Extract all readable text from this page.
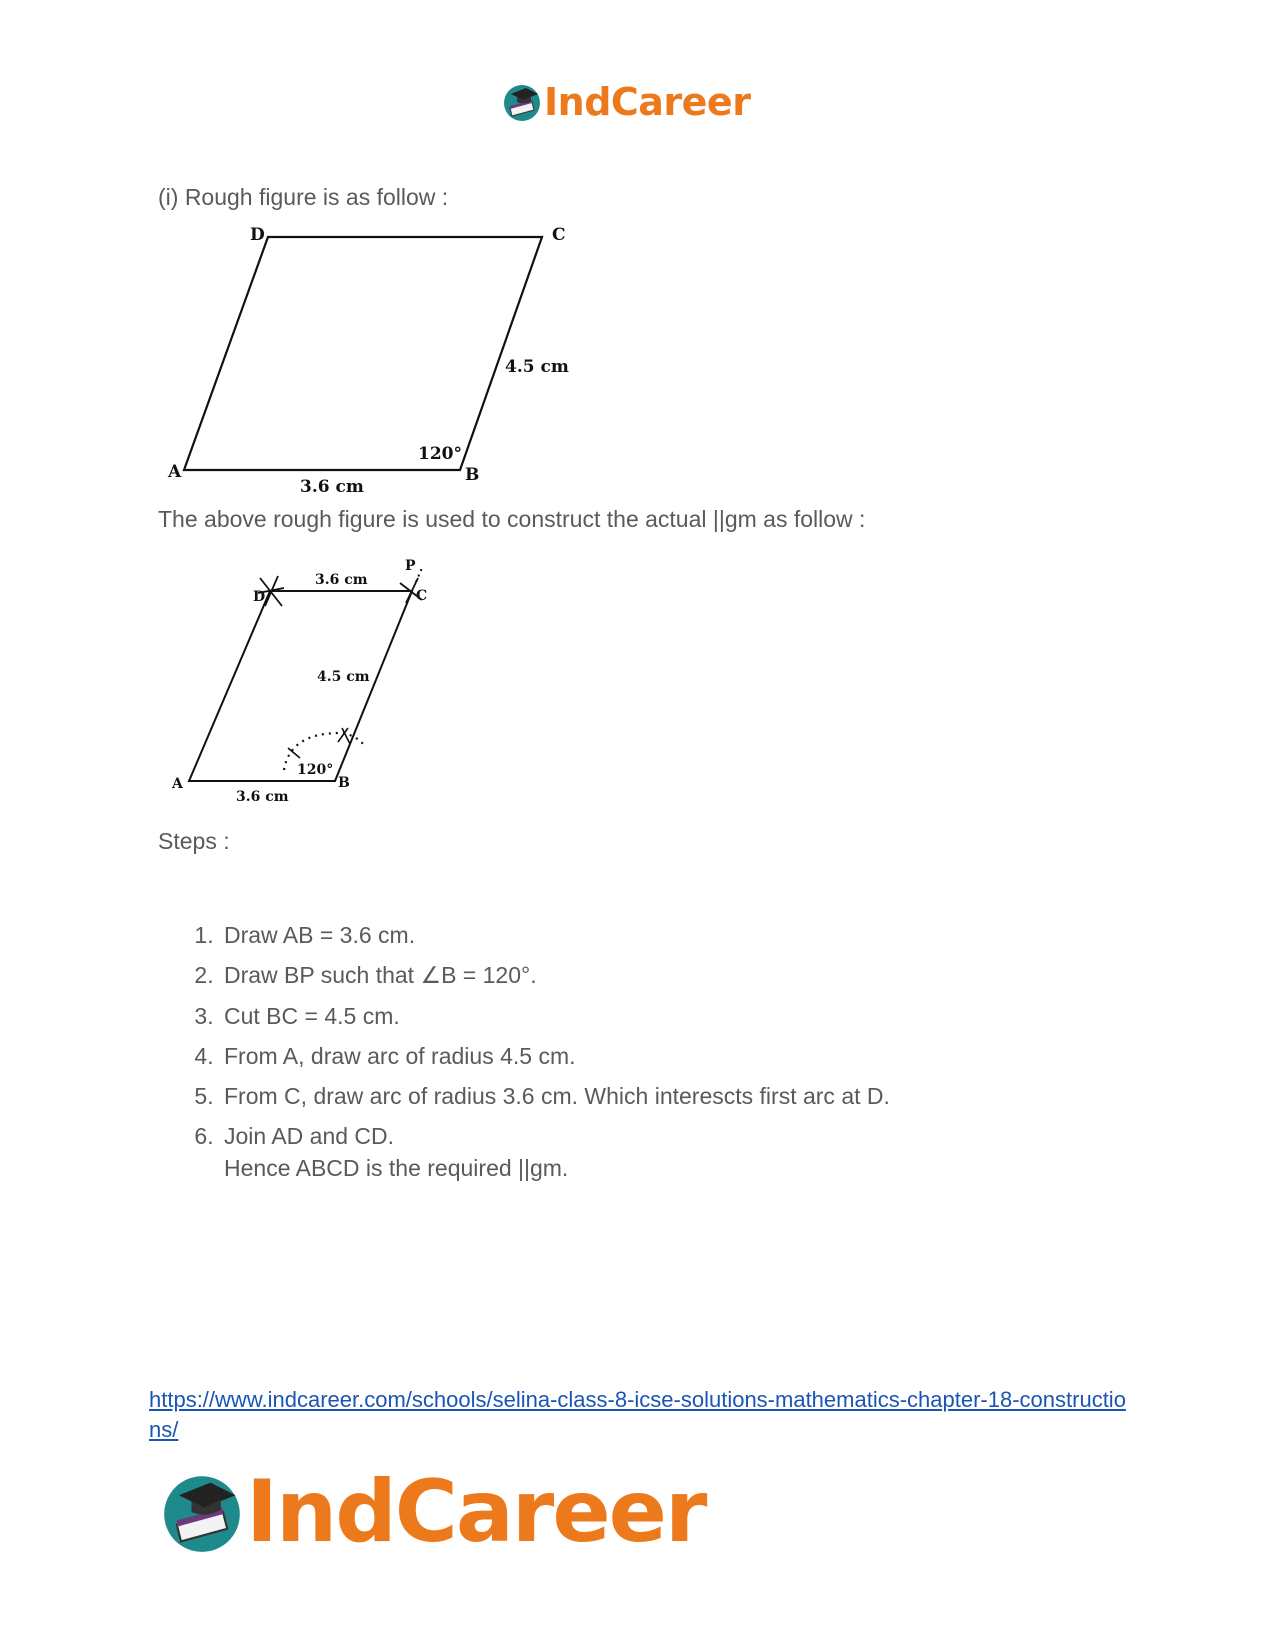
IndCareer

(i) Rough figure is as follow :

D	C
A	B
4.5 cm
120°
3.6 cm

The above rough figure is used to construct the actual ||gm as follow :

P
D	C
A	B
3.6 cm
4.5 cm
120°
3.6 cm

Steps :

1. Draw AB = 3.6 cm.
2. Draw BP such that ∠B = 120°.
3. Cut BC = 4.5 cm.
4. From A, draw arc of radius 4.5 cm.
5. From C, draw arc of radius 3.6 cm. Which interescts first arc at D.
6. Join AD and CD.
Hence ABCD is the required ||gm.
https://www.indcareer.com/schools/selina-class-8-icse-solutions-mathematics-chapter-18-constructions/
IndCareer
